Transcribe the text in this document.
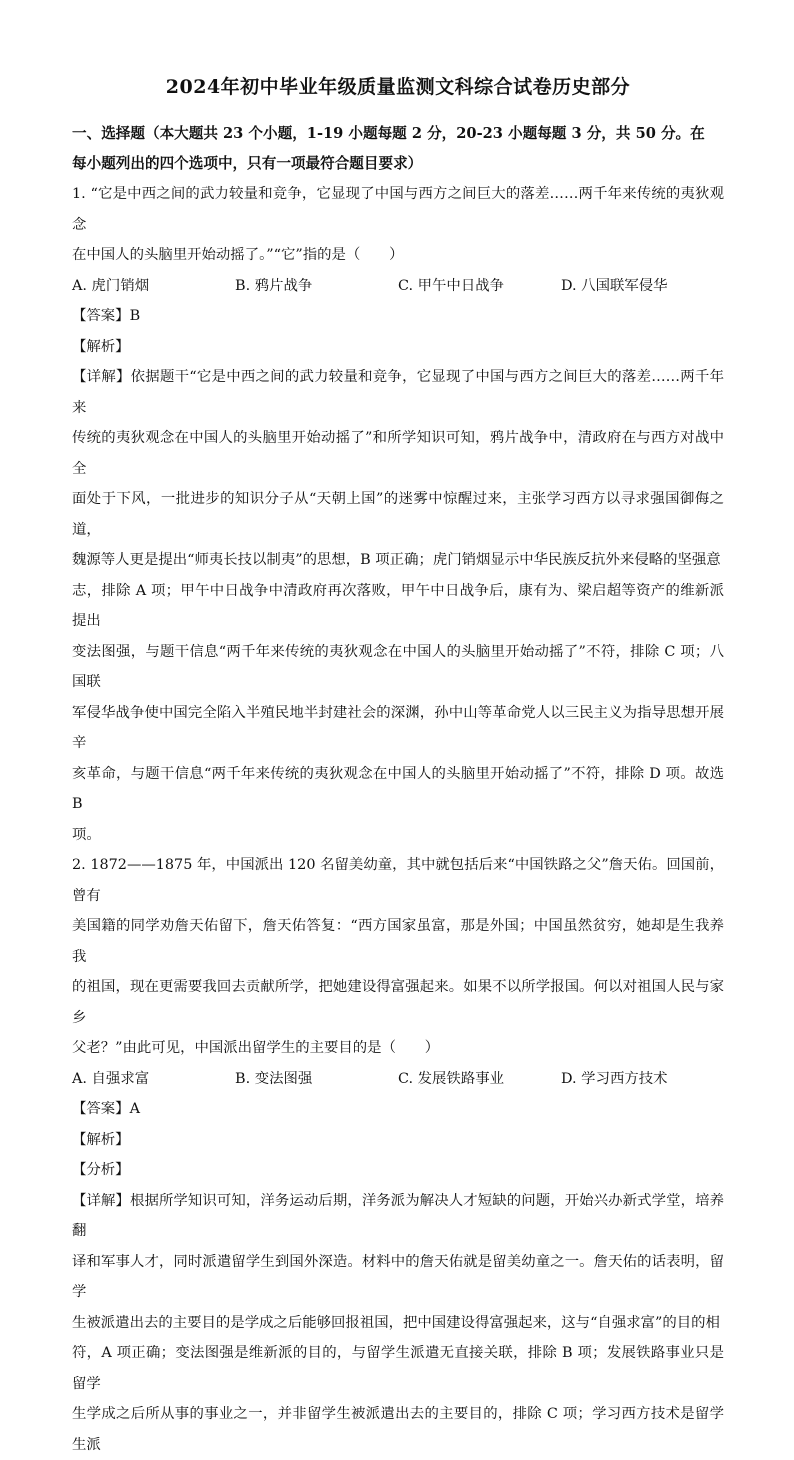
2024年初中毕业年级质量监测文科综合试卷历史部分

一、选择题（本大题共 23 个小题，1-19 小题每题 2 分，20-23 小题每题 3 分，共 50 分。在

每小题列出的四个选项中，只有一项最符合题目要求）

1. “它是中西之间的武力较量和竞争，它显现了中国与西方之间巨大的落差……两千年来传统的夷狄观念

在中国人的头脑里开始动摇了。”“它”指的是（　　）

A. 虎门销烟	B. 鸦片战争	C. 甲午中日战争	D. 八国联军侵华

【答案】B

【解析】

【详解】依据题干“它是中西之间的武力较量和竞争，它显现了中国与西方之间巨大的落差……两千年来

传统的夷狄观念在中国人的头脑里开始动摇了”和所学知识可知，鸦片战争中，清政府在与西方对战中全

面处于下风，一批进步的知识分子从“天朝上国”的迷雾中惊醒过来，主张学习西方以寻求强国御侮之道，

魏源等人更是提出“师夷长技以制夷”的思想，B 项正确；虎门销烟显示中华民族反抗外来侵略的坚强意

志，排除 A 项；甲午中日战争中清政府再次落败，甲午中日战争后，康有为、梁启超等资产的维新派提出

变法图强，与题干信息“两千年来传统的夷狄观念在中国人的头脑里开始动摇了”不符，排除 C 项；八国联

军侵华战争使中国完全陷入半殖民地半封建社会的深渊，孙中山等革命党人以三民主义为指导思想开展辛

亥革命，与题干信息“两千年来传统的夷狄观念在中国人的头脑里开始动摇了”不符，排除 D 项。故选 B

项。

2. 1872——1875 年，中国派出 120 名留美幼童，其中就包括后来“中国铁路之父”詹天佑。回国前，曾有

美国籍的同学劝詹天佑留下，詹天佑答复：“西方国家虽富，那是外国；中国虽然贫穷，她却是生我养我

的祖国，现在更需要我回去贡献所学，把她建设得富强起来。如果不以所学报国。何以对祖国人民与家乡

父老？”由此可见，中国派出留学生的主要目的是（　　）

A. 自强求富	B. 变法图强	C. 发展铁路事业	D. 学习西方技术

【答案】A

【解析】

【分析】

【详解】根据所学知识可知，洋务运动后期，洋务派为解决人才短缺的问题，开始兴办新式学堂，培养翻

译和军事人才，同时派遣留学生到国外深造。材料中的詹天佑就是留美幼童之一。詹天佑的话表明，留学

生被派遣出去的主要目的是学成之后能够回报祖国，把中国建设得富强起来，这与“自强求富”的目的相

符，A 项正确；变法图强是维新派的目的，与留学生派遣无直接关联，排除 B 项；发展铁路事业只是留学

生学成之后所从事的事业之一，并非留学生被派遣出去的主要目的，排除 C 项；学习西方技术是留学生派
